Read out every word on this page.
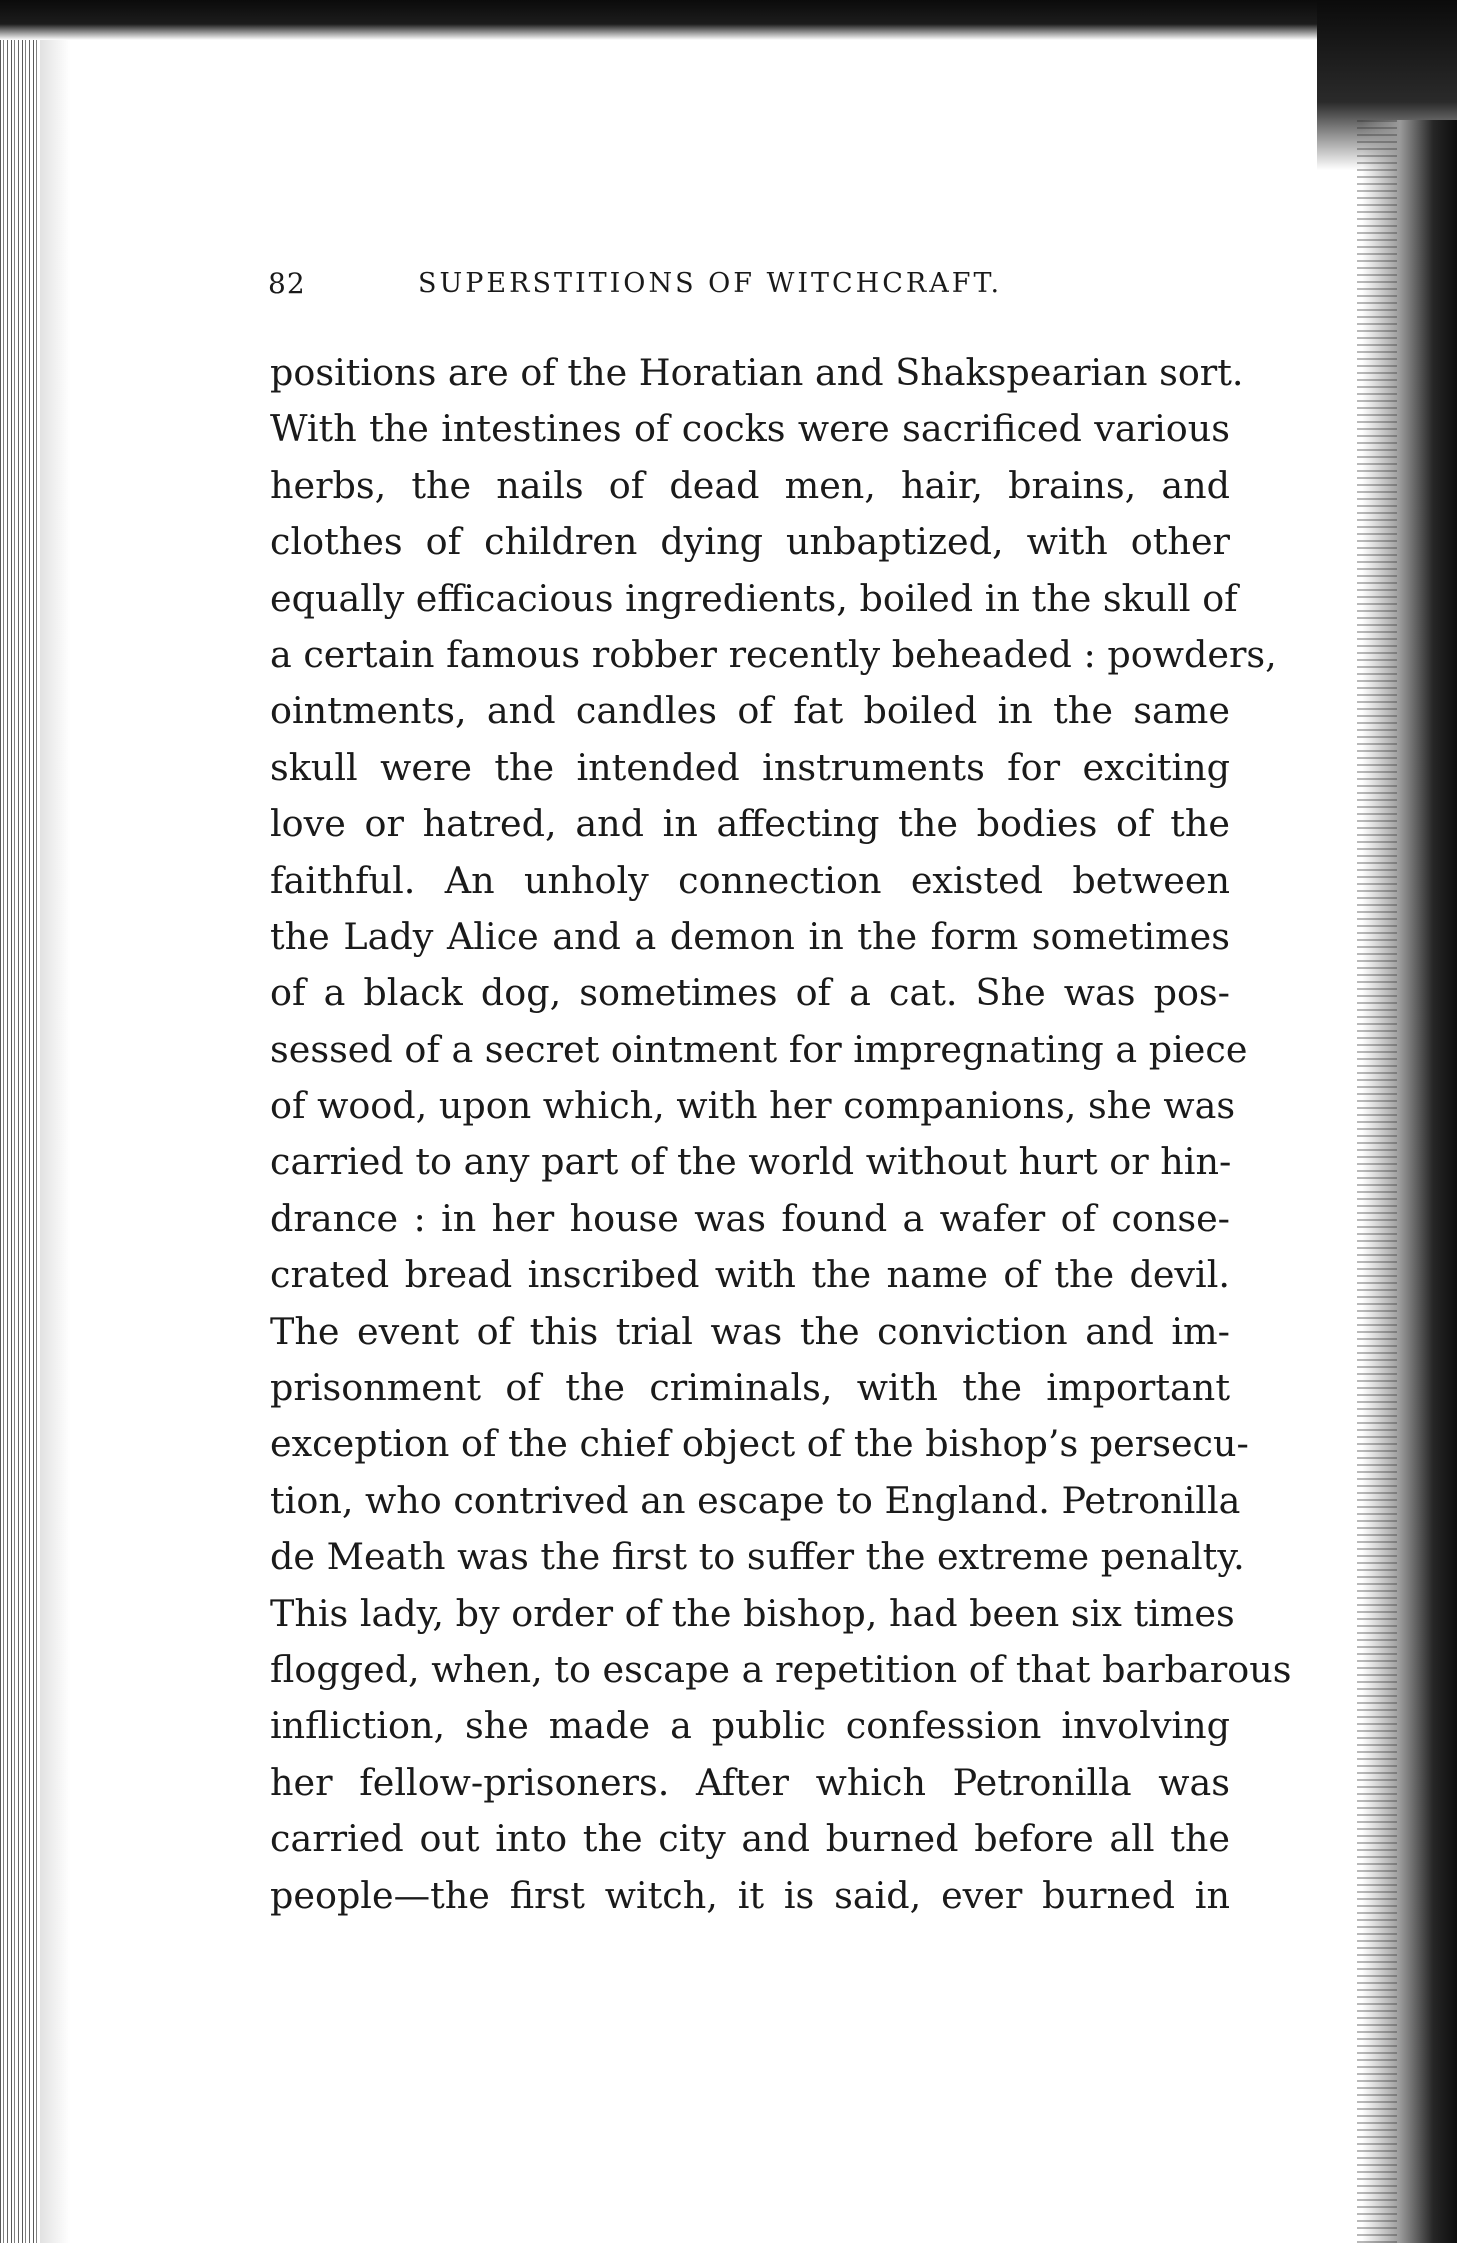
82	SUPERSTITIONS OF WITCHCRAFT.
positions are of the Horatian and Shakspearian sort.
With the intestines of cocks were sacrificed various
herbs, the nails of dead men, hair, brains, and
clothes of children dying unbaptized, with other
equally efficacious ingredients, boiled in the skull of
a certain famous robber recently beheaded : powders,
ointments, and candles of fat boiled in the same
skull were the intended instruments for exciting
love or hatred, and in affecting the bodies of the
faithful. An unholy connection existed between
the Lady Alice and a demon in the form sometimes
of a black dog, sometimes of a cat. She was pos-
sessed of a secret ointment for impregnating a piece
of wood, upon which, with her companions, she was
carried to any part of the world without hurt or hin-
drance : in her house was found a wafer of conse-
crated bread inscribed with the name of the devil.
The event of this trial was the conviction and im-
prisonment of the criminals, with the important
exception of the chief object of the bishop’s persecu-
tion, who contrived an escape to England. Petronilla
de Meath was the first to suffer the extreme penalty.
This lady, by order of the bishop, had been six times
flogged, when, to escape a repetition of that barbarous
infliction, she made a public confession involving
her fellow-prisoners. After which Petronilla was
carried out into the city and burned before all the
people—the first witch, it is said, ever burned in
